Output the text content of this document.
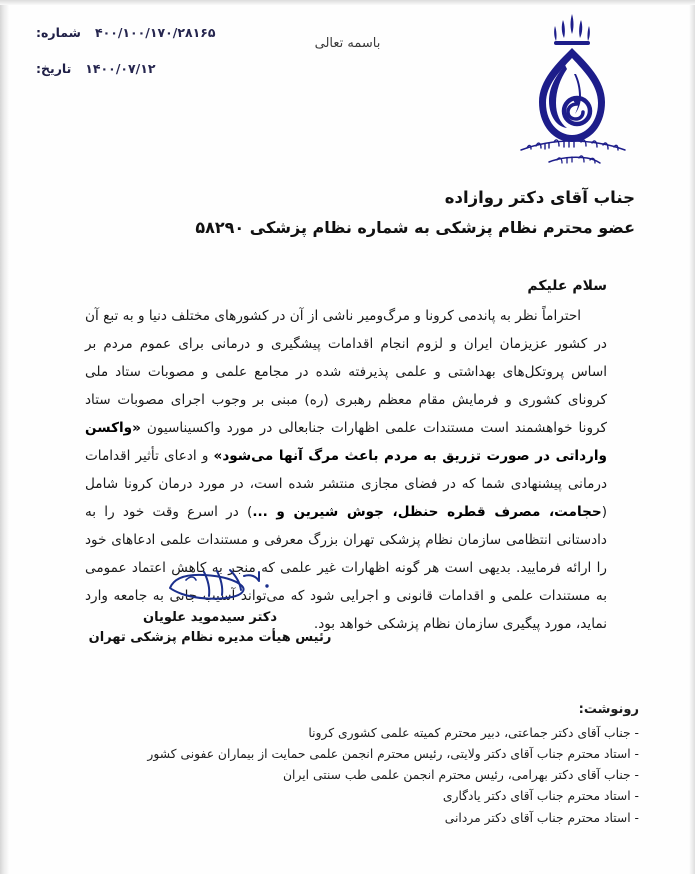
شماره: ۴۰۰/۱۰۰/۱۷۰/۲۸۱۶۵
تاریخ: ۱۴۰۰/۰۷/۱۲
باسمه تعالی
جناب آقای دکتر روازاده
عضو محترم نظام پزشکی به شماره نظام پزشکی ۵۸۲۹۰
سلام علیکم
احتراماً نظر به پاندمی کرونا و مرگ‌ومیر ناشی از آن در کشورهای مختلف دنیا و به تبع آن در کشور عزیزمان ایران و لزوم انجام اقدامات پیشگیری و درمانی برای عموم مردم بر اساس پروتکل‌های بهداشتی و علمی پذیرفته شده در مجامع علمی و مصوبات ستاد ملی کرونای کشوری و فرمایش مقام معظم رهبری (ره) مبنی بر وجوب اجرای مصوبات ستاد کرونا خواهشمند است مستندات علمی اظهارات جنابعالی در مورد واکسیناسیون «واکسن وارداتی در صورت تزریق به مردم باعث مرگ آنها می‌شود» و ادعای تأثیر اقدامات درمانی پیشنهادی شما که در فضای مجازی منتشر شده است، در مورد درمان کرونا شامل (حجامت، مصرف قطره حنظل، جوش شیرین و ...) در اسرع وقت خود را به دادستانی انتظامی سازمان نظام پزشکی تهران بزرگ معرفی و مستندات علمی ادعاهای خود را ارائه فرمایید. بدیهی است هر گونه اظهارات غیر علمی که منجر به کاهش اعتماد عمومی به مستندات علمی و اقدامات قانونی و اجرایی شود که می‌تواند آسیب جانی به جامعه وارد نماید، مورد پیگیری سازمان نظام پزشکی خواهد بود.
دکتر سیدموید علویان
رئیس هیأت مدیره نظام پزشکی تهران
رونوشت:
- جناب آقای دکتر جماعتی، دبیر محترم کمیته علمی کشوری کرونا
- استاد محترم جناب آقای دکتر ولایتی، رئیس محترم انجمن علمی حمایت از بیماران عفونی کشور
- جناب آقای دکتر بهرامی، رئیس محترم انجمن علمی طب سنتی ایران
- استاد محترم جناب آقای دکتر یادگاری
- استاد محترم جناب آقای دکتر مردانی
